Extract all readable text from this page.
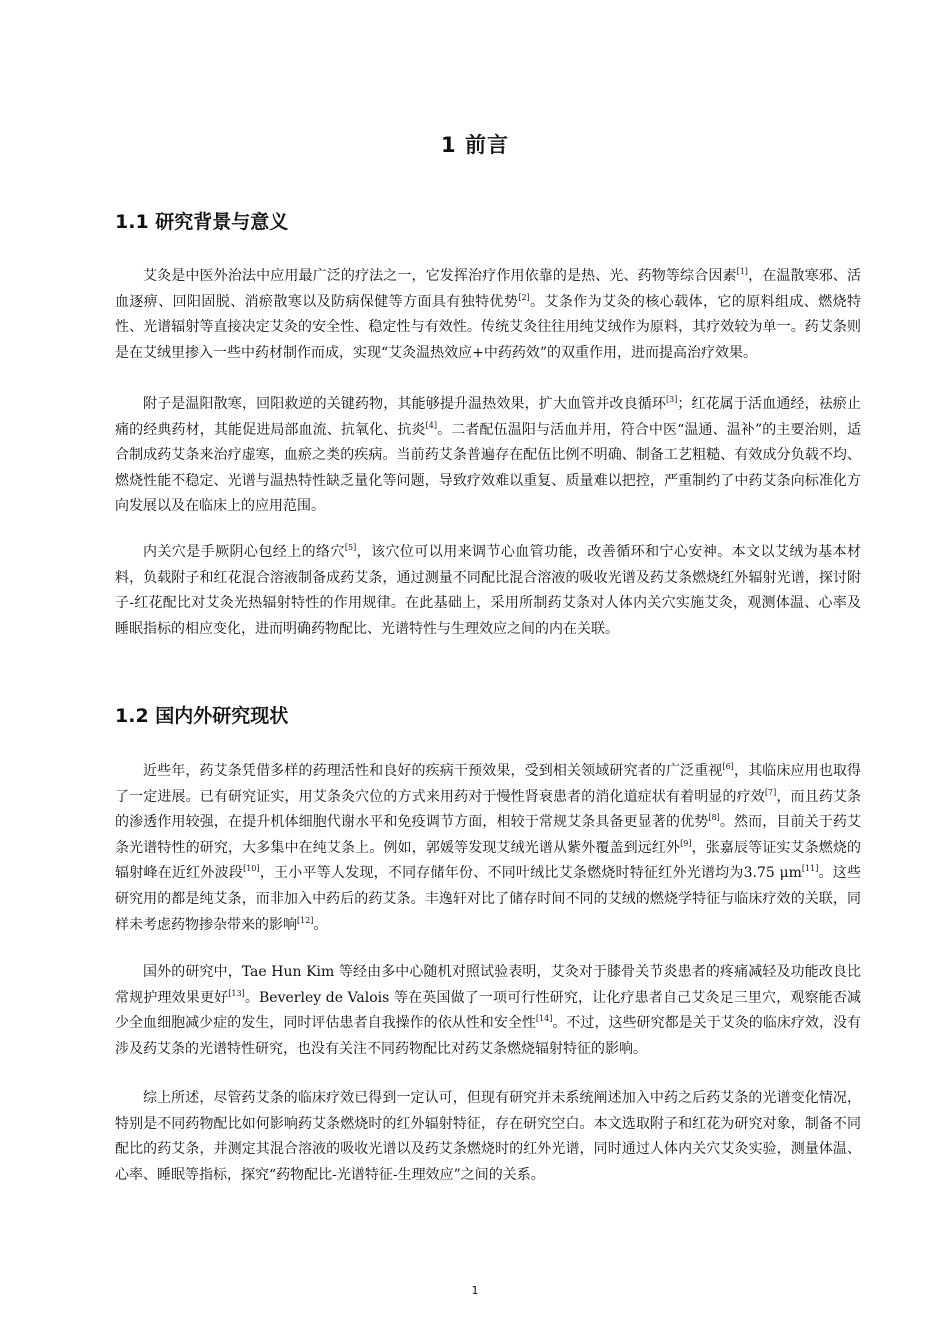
1 前言
1.1 研究背景与意义

艾灸是中医外治法中应用最广泛的疗法之一，它发挥治疗作用依靠的是热、光、药物等综合因素[1]，在温散寒邪、活血逐痹、回阳固脱、消瘀散寒以及防病保健等方面具有独特优势[2]。艾条作为艾灸的核心载体，它的原料组成、燃烧特性、光谱辐射等直接决定艾灸的安全性、稳定性与有效性。传统艾灸往往用纯艾绒作为原料，其疗效较为单一。药艾条则是在艾绒里掺入一些中药材制作而成，实现“艾灸温热效应+中药药效”的双重作用，进而提高治疗效果。

附子是温阳散寒，回阳救逆的关键药物，其能够提升温热效果，扩大血管并改良循环[3]；红花属于活血通经，祛瘀止痛的经典药材，其能促进局部血流、抗氧化、抗炎[4]。二者配伍温阳与活血并用，符合中医“温通、温补”的主要治则，适合制成药艾条来治疗虚寒，血瘀之类的疾病。当前药艾条普遍存在配伍比例不明确、制备工艺粗糙、有效成分负载不均、燃烧性能不稳定、光谱与温热特性缺乏量化等问题，导致疗效难以重复、质量难以把控，严重制约了中药艾条向标准化方向发展以及在临床上的应用范围。

内关穴是手厥阴心包经上的络穴[5]，该穴位可以用来调节心血管功能，改善循环和宁心安神。本文以艾绒为基本材料，负载附子和红花混合溶液制备成药艾条，通过测量不同配比混合溶液的吸收光谱及药艾条燃烧红外辐射光谱，探讨附子-红花配比对艾灸光热辐射特性的作用规律。在此基础上，采用所制药艾条对人体内关穴实施艾灸，观测体温、心率及睡眠指标的相应变化，进而明确药物配比、光谱特性与生理效应之间的内在关联。

1.2 国内外研究现状

近些年，药艾条凭借多样的药理活性和良好的疾病干预效果，受到相关领域研究者的广泛重视[6]，其临床应用也取得了一定进展。已有研究证实，用艾条灸穴位的方式来用药对于慢性肾衰患者的消化道症状有着明显的疗效[7]，而且药艾条的渗透作用较强，在提升机体细胞代谢水平和免疫调节方面，相较于常规艾条具备更显著的优势[8]。然而，目前关于药艾条光谱特性的研究，大多集中在纯艾条上。例如，郭媛等发现艾绒光谱从紫外覆盖到远红外[9]，张嘉辰等证实艾条燃烧的辐射峰在近红外波段[10]，王小平等人发现，不同存储年份、不同叶绒比艾条燃烧时特征红外光谱均为3.75 μm[11]。这些研究用的都是纯艾条，而非加入中药后的药艾条。丰逸轩对比了储存时间不同的艾绒的燃烧学特征与临床疗效的关联，同样未考虑药物掺杂带来的影响[12]。

国外的研究中，Tae Hun Kim 等经由多中心随机对照试验表明，艾灸对于膝骨关节炎患者的疼痛减轻及功能改良比常规护理效果更好[13]。Beverley de Valois 等在英国做了一项可行性研究，让化疗患者自己艾灸足三里穴，观察能否减少全血细胞减少症的发生，同时评估患者自我操作的依从性和安全性[14]。不过，这些研究都是关于艾灸的临床疗效，没有涉及药艾条的光谱特性研究，也没有关注不同药物配比对药艾条燃烧辐射特征的影响。

综上所述，尽管药艾条的临床疗效已得到一定认可，但现有研究并未系统阐述加入中药之后药艾条的光谱变化情况，特别是不同药物配比如何影响药艾条燃烧时的红外辐射特征，存在研究空白。本文选取附子和红花为研究对象，制备不同配比的药艾条，并测定其混合溶液的吸收光谱以及药艾条燃烧时的红外光谱，同时通过人体内关穴艾灸实验，测量体温、心率、睡眠等指标，探究“药物配比-光谱特征-生理效应”之间的关系。

1
